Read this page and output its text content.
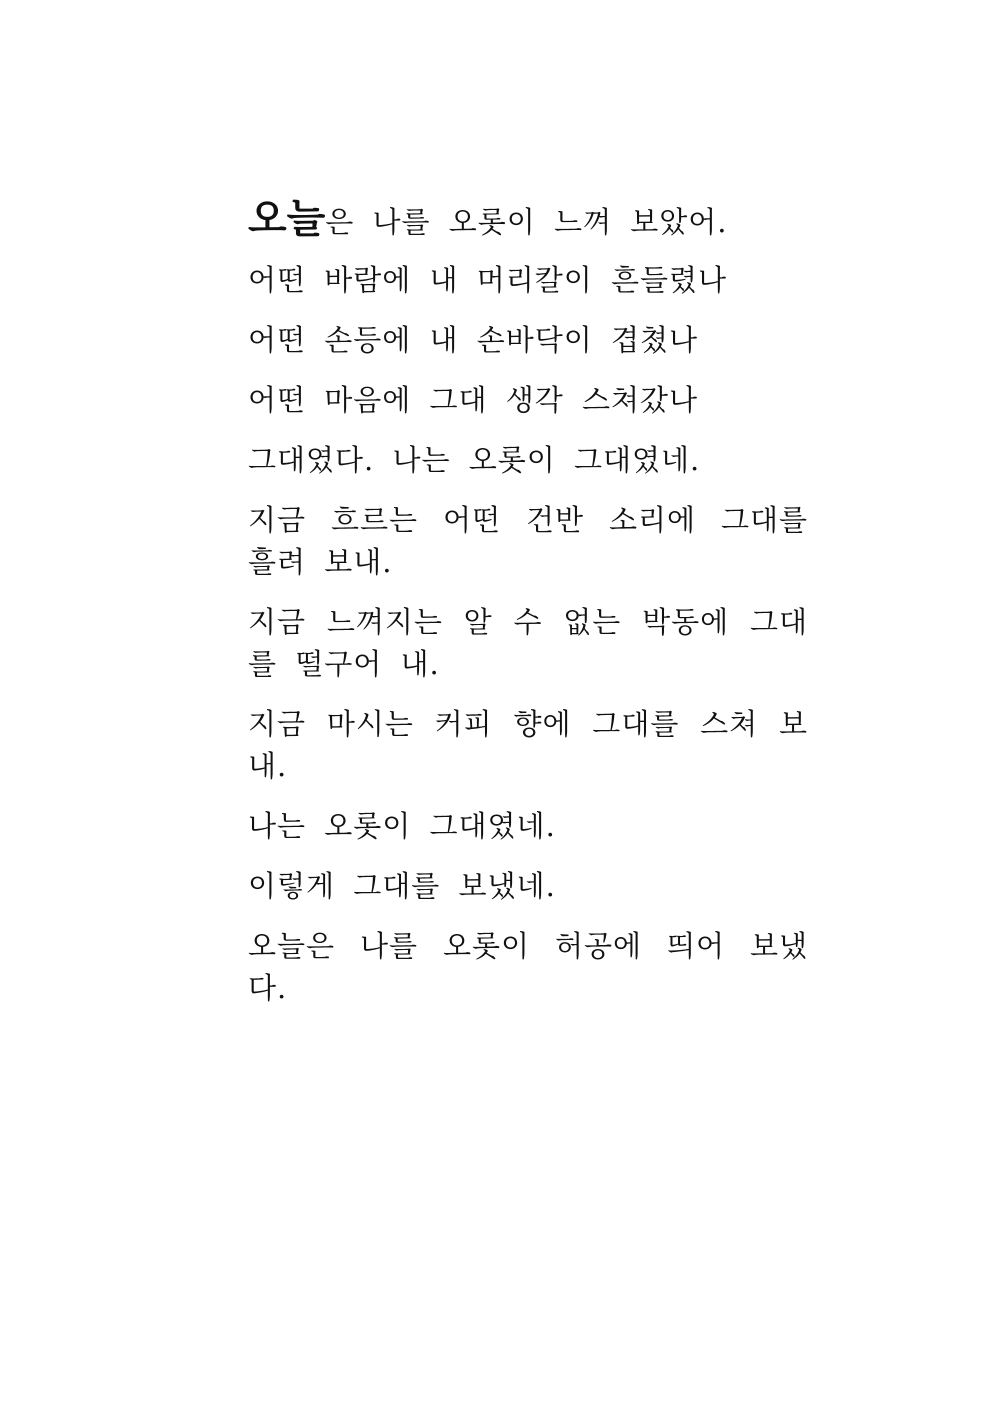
오늘은 나를 오롯이 느껴 보았어.

어떤 바람에 내 머리칼이 흔들렸나

어떤 손등에 내 손바닥이 겹쳤나

어떤 마음에 그대 생각 스쳐갔나

그대였다. 나는 오롯이 그대였네.

지금 흐르는 어떤 건반 소리에 그대를 흘려 보내.

지금 느껴지는 알 수 없는 박동에 그대를 떨구어 내.

지금 마시는 커피 향에 그대를 스쳐 보내.

나는 오롯이 그대였네.

이렇게 그대를 보냈네.

오늘은 나를 오롯이 허공에 띄어 보냈다.
